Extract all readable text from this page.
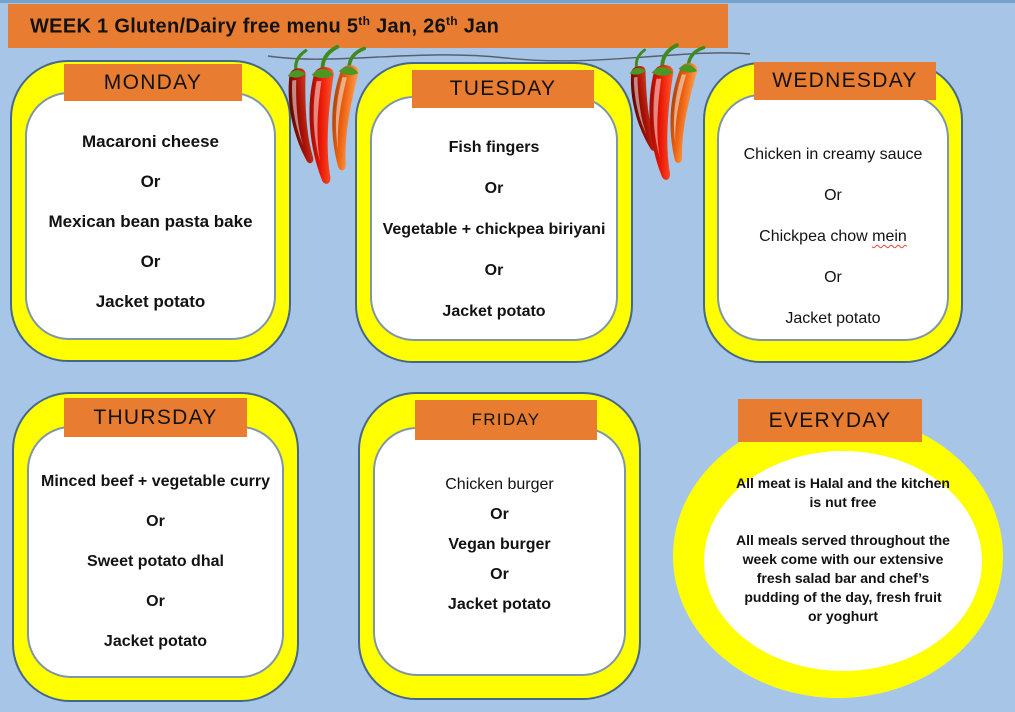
WEEK 1 Gluten/Dairy free menu 5th Jan, 26th Jan
MONDAY
Macaroni cheese
Or
Mexican bean pasta bake
Or
Jacket potato
TUESDAY
Fish fingers
Or
Vegetable + chickpea biriyani
Or
Jacket potato
WEDNESDAY
Chicken in creamy sauce
Or
Chickpea chow mein
Or
Jacket potato
THURSDAY
Minced beef + vegetable curry
Or
Sweet potato dhal
Or
Jacket potato
FRIDAY
Chicken burger
Or
Vegan burger
Or
Jacket potato
EVERYDAY

All meat is Halal and the kitchen is nut free

All meals served throughout the week come with our extensive fresh salad bar and chef’s pudding of the day, fresh fruit or yoghurt
